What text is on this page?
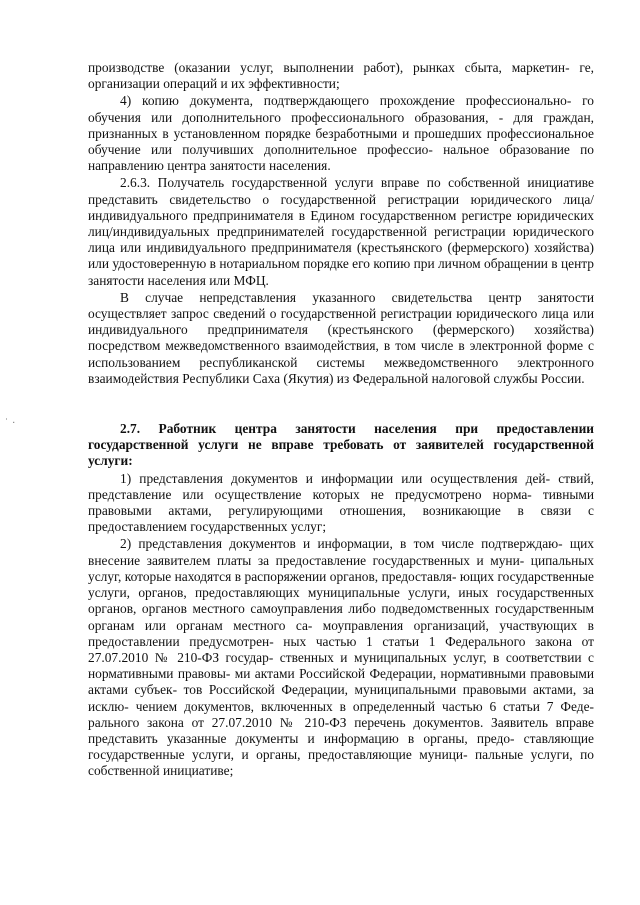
˙ ·

производстве (оказании услуг, выполнении работ), рынках сбыта, маркетин- ге, организации операций и их эффективности;

4) копию документа, подтверждающего прохождение профессионально- го обучения или дополнительного профессионального образования, - для граждан, признанных в установленном порядке безработными и прошедших профессиональное обучение или получивших дополнительное профессио- нальное образование по направлению центра занятости населения.

2.6.3. Получатель государственной услуги вправе по собственной инициативе представить свидетельство о государственной регистрации юридического лица/индивидуального предпринимателя в Едином государственном регистре юридических лиц/индивидуальных предпринимателей государственной регистрации юридического лица или индивидуального предпринимателя (крестьянского (фермерского) хозяйства) или удостоверенную в нотариальном порядке его копию при личном обращении в центр занятости населения или МФЦ.

В случае непредставления указанного свидетельства центр занятости осуществляет запрос сведений о государственной регистрации юридического лица или индивидуального предпринимателя (крестьянского (фермерского) хозяйства) посредством межведомственного взаимодействия, в том числе в электронной форме с использованием республиканской системы межведомственного электронного взаимодействия Республики Саха (Якутия) из Федеральной налоговой службы России.

2.7. Работник центра занятости населения при предоставлении государственной услуги не вправе требовать от заявителей государственной услуги:

1) представления документов и информации или осуществления дей- ствий, представление или осуществление которых не предусмотрено норма- тивными правовыми актами, регулирующими отношения, возникающие в связи с предоставлением государственных услуг;

2) представления документов и информации, в том числе подтверждаю- щих внесение заявителем платы за предоставление государственных и муни- ципальных услуг, которые находятся в распоряжении органов, предоставля- ющих государственные услуги, органов, предоставляющих муниципальные услуги, иных государственных органов, органов местного самоуправления либо подведомственных государственным органам или органам местного са- моуправления организаций, участвующих в предоставлении предусмотрен- ных частью 1 статьи 1 Федерального закона от 27.07.2010 № 210-ФЗ государ- ственных и муниципальных услуг, в соответствии с нормативными правовы- ми актами Российской Федерации, нормативными правовыми актами субъек- тов Российской Федерации, муниципальными правовыми актами, за исклю- чением документов, включенных в определенный частью 6 статьи 7 Феде- рального закона от 27.07.2010 № 210-ФЗ перечень документов. Заявитель вправе представить указанные документы и информацию в органы, предо- ставляющие государственные услуги, и органы, предоставляющие муници- пальные услуги, по собственной инициативе;
